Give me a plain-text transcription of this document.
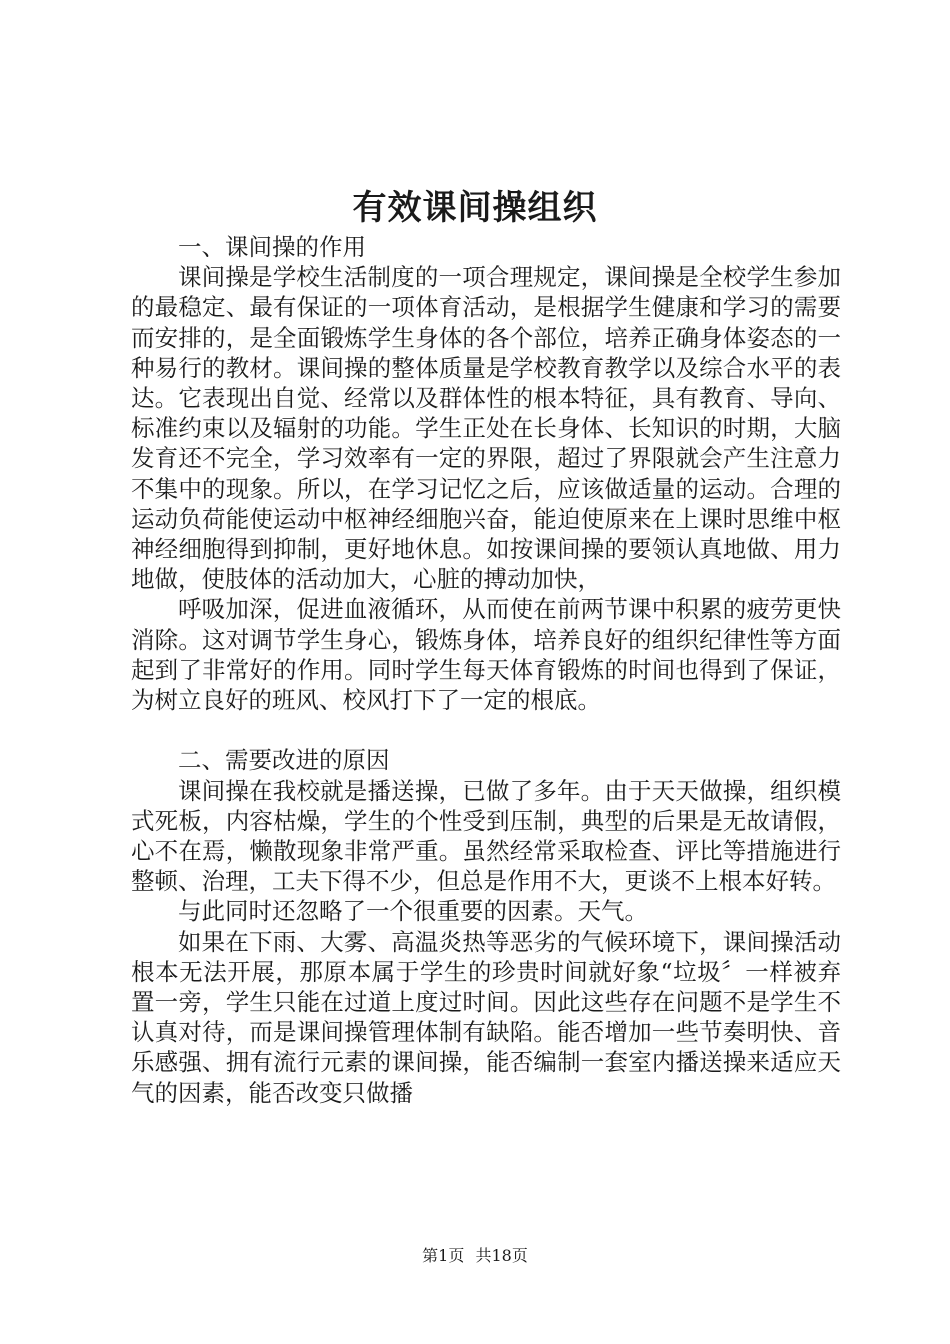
有效课间操组织

一、课间操的作用

课间操是学校生活制度的一项合理规定，课间操是全校学生参加的最稳定、最有保证的一项体育活动，是根据学生健康和学习的需要而安排的，是全面锻炼学生身体的各个部位，培养正确身体姿态的一种易行的教材。课间操的整体质量是学校教育教学以及综合水平的表达。它表现出自觉、经常以及群体性的根本特征，具有教育、导向、标准约束以及辐射的功能。学生正处在长身体、长知识的时期，大脑发育还不完全，学习效率有一定的界限，超过了界限就会产生注意力不集中的现象。所以，在学习记忆之后，应该做适量的运动。合理的运动负荷能使运动中枢神经细胞兴奋，能迫使原来在上课时思维中枢神经细胞得到抑制，更好地休息。如按课间操的要领认真地做、用力地做，使肢体的活动加大，心脏的搏动加快，

呼吸加深，促进血液循环，从而使在前两节课中积累的疲劳更快消除。这对调节学生身心，锻炼身体，培养良好的组织纪律性等方面起到了非常好的作用。同时学生每天体育锻炼的时间也得到了保证，为树立良好的班风、校风打下了一定的根底。

二、需要改进的原因

课间操在我校就是播送操，已做了多年。由于天天做操，组织模式死板，内容枯燥，学生的个性受到压制，典型的后果是无故请假，心不在焉，懒散现象非常严重。虽然经常采取检查、评比等措施进行整顿、治理，工夫下得不少，但总是作用不大，更谈不上根本好转。

与此同时还忽略了一个很重要的因素。天气。

如果在下雨、大雾、高温炎热等恶劣的气候环境下，课间操活动根本无法开展，那原本属于学生的珍贵时间就好象“垃圾〞一样被弃置一旁，学生只能在过道上度过时间。因此这些存在问题不是学生不认真对待，而是课间操管理体制有缺陷。能否增加一些节奏明快、音乐感强、拥有流行元素的课间操，能否编制一套室内播送操来适应天气的因素，能否改变只做播

第1页 共18页
